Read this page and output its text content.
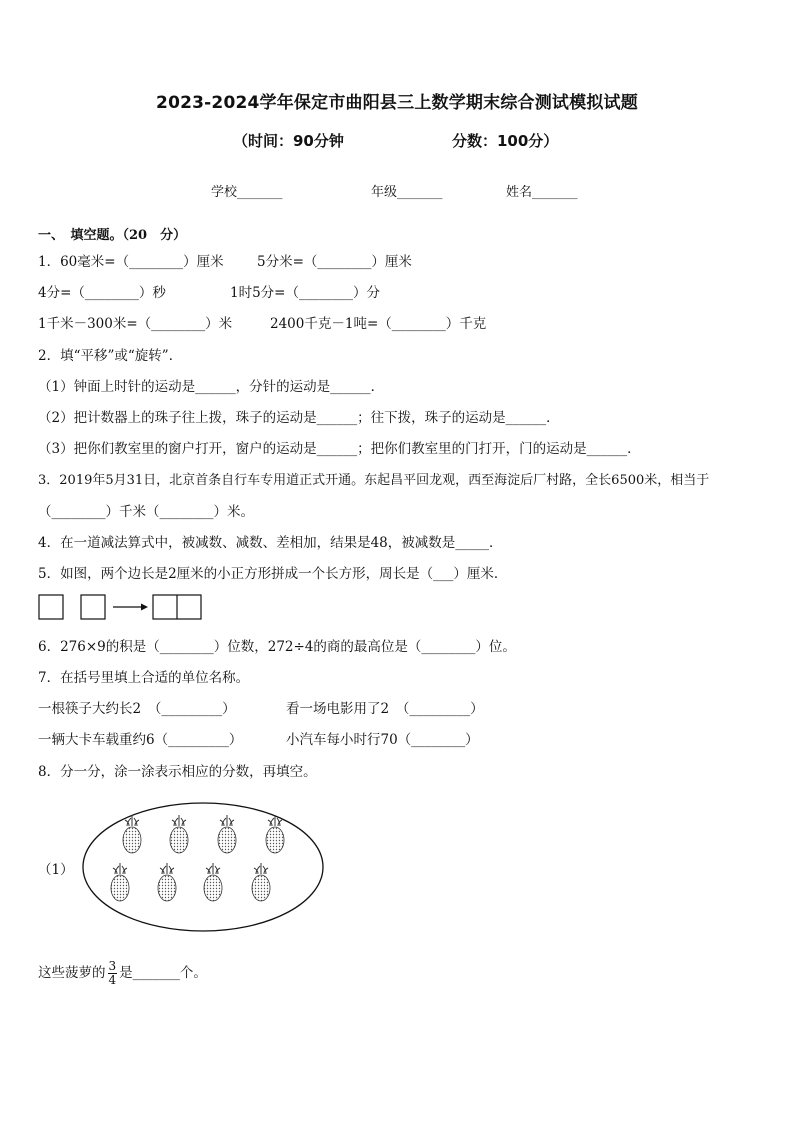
2023-2024学年保定市曲阳县三上数学期末综合测试模拟试题
（时间：90分钟	分数：100分）
学校_______	年级_______	姓名_______
一、　填空题。（20　分）
1．60毫米=（________）厘米 5分米=（________）厘米
4分=（________）秒	1时5分=（________）分
1千米－300米=（________）米	2400千克－1吨=（________）千克
2．填“平移”或“旋转”．
（1）钟面上时针的运动是______，分针的运动是______．
（2）把计数器上的珠子往上拨，珠子的运动是______；往下拨，珠子的运动是______．
（3）把你们教室里的窗户打开，窗户的运动是______；把你们教室里的门打开，门的运动是______．
3．2019年5月31日，北京首条自行车专用道正式开通。东起昌平回龙观，西至海淀后厂村路，全长6500米，相当于
（________）千米（________）米。
4．在一道减法算式中，被减数、减数、差相加，结果是48，被减数是_____．
5．如图，两个边长是2厘米的小正方形拼成一个长方形，周长是（___）厘米．
6．276×9的积是（________）位数，272÷4的商的最高位是（________）位。
7．在括号里填上合适的单位名称。
一根筷子大约长2　（_________）	看一场电影用了2　（_________）
一辆大卡车载重约6（_________）	小汽车每小时行70（________）
8．分一分，涂一涂表示相应的分数，再填空。
（1）
这些菠萝的 $\frac{3}{4}$ 是_______个。
